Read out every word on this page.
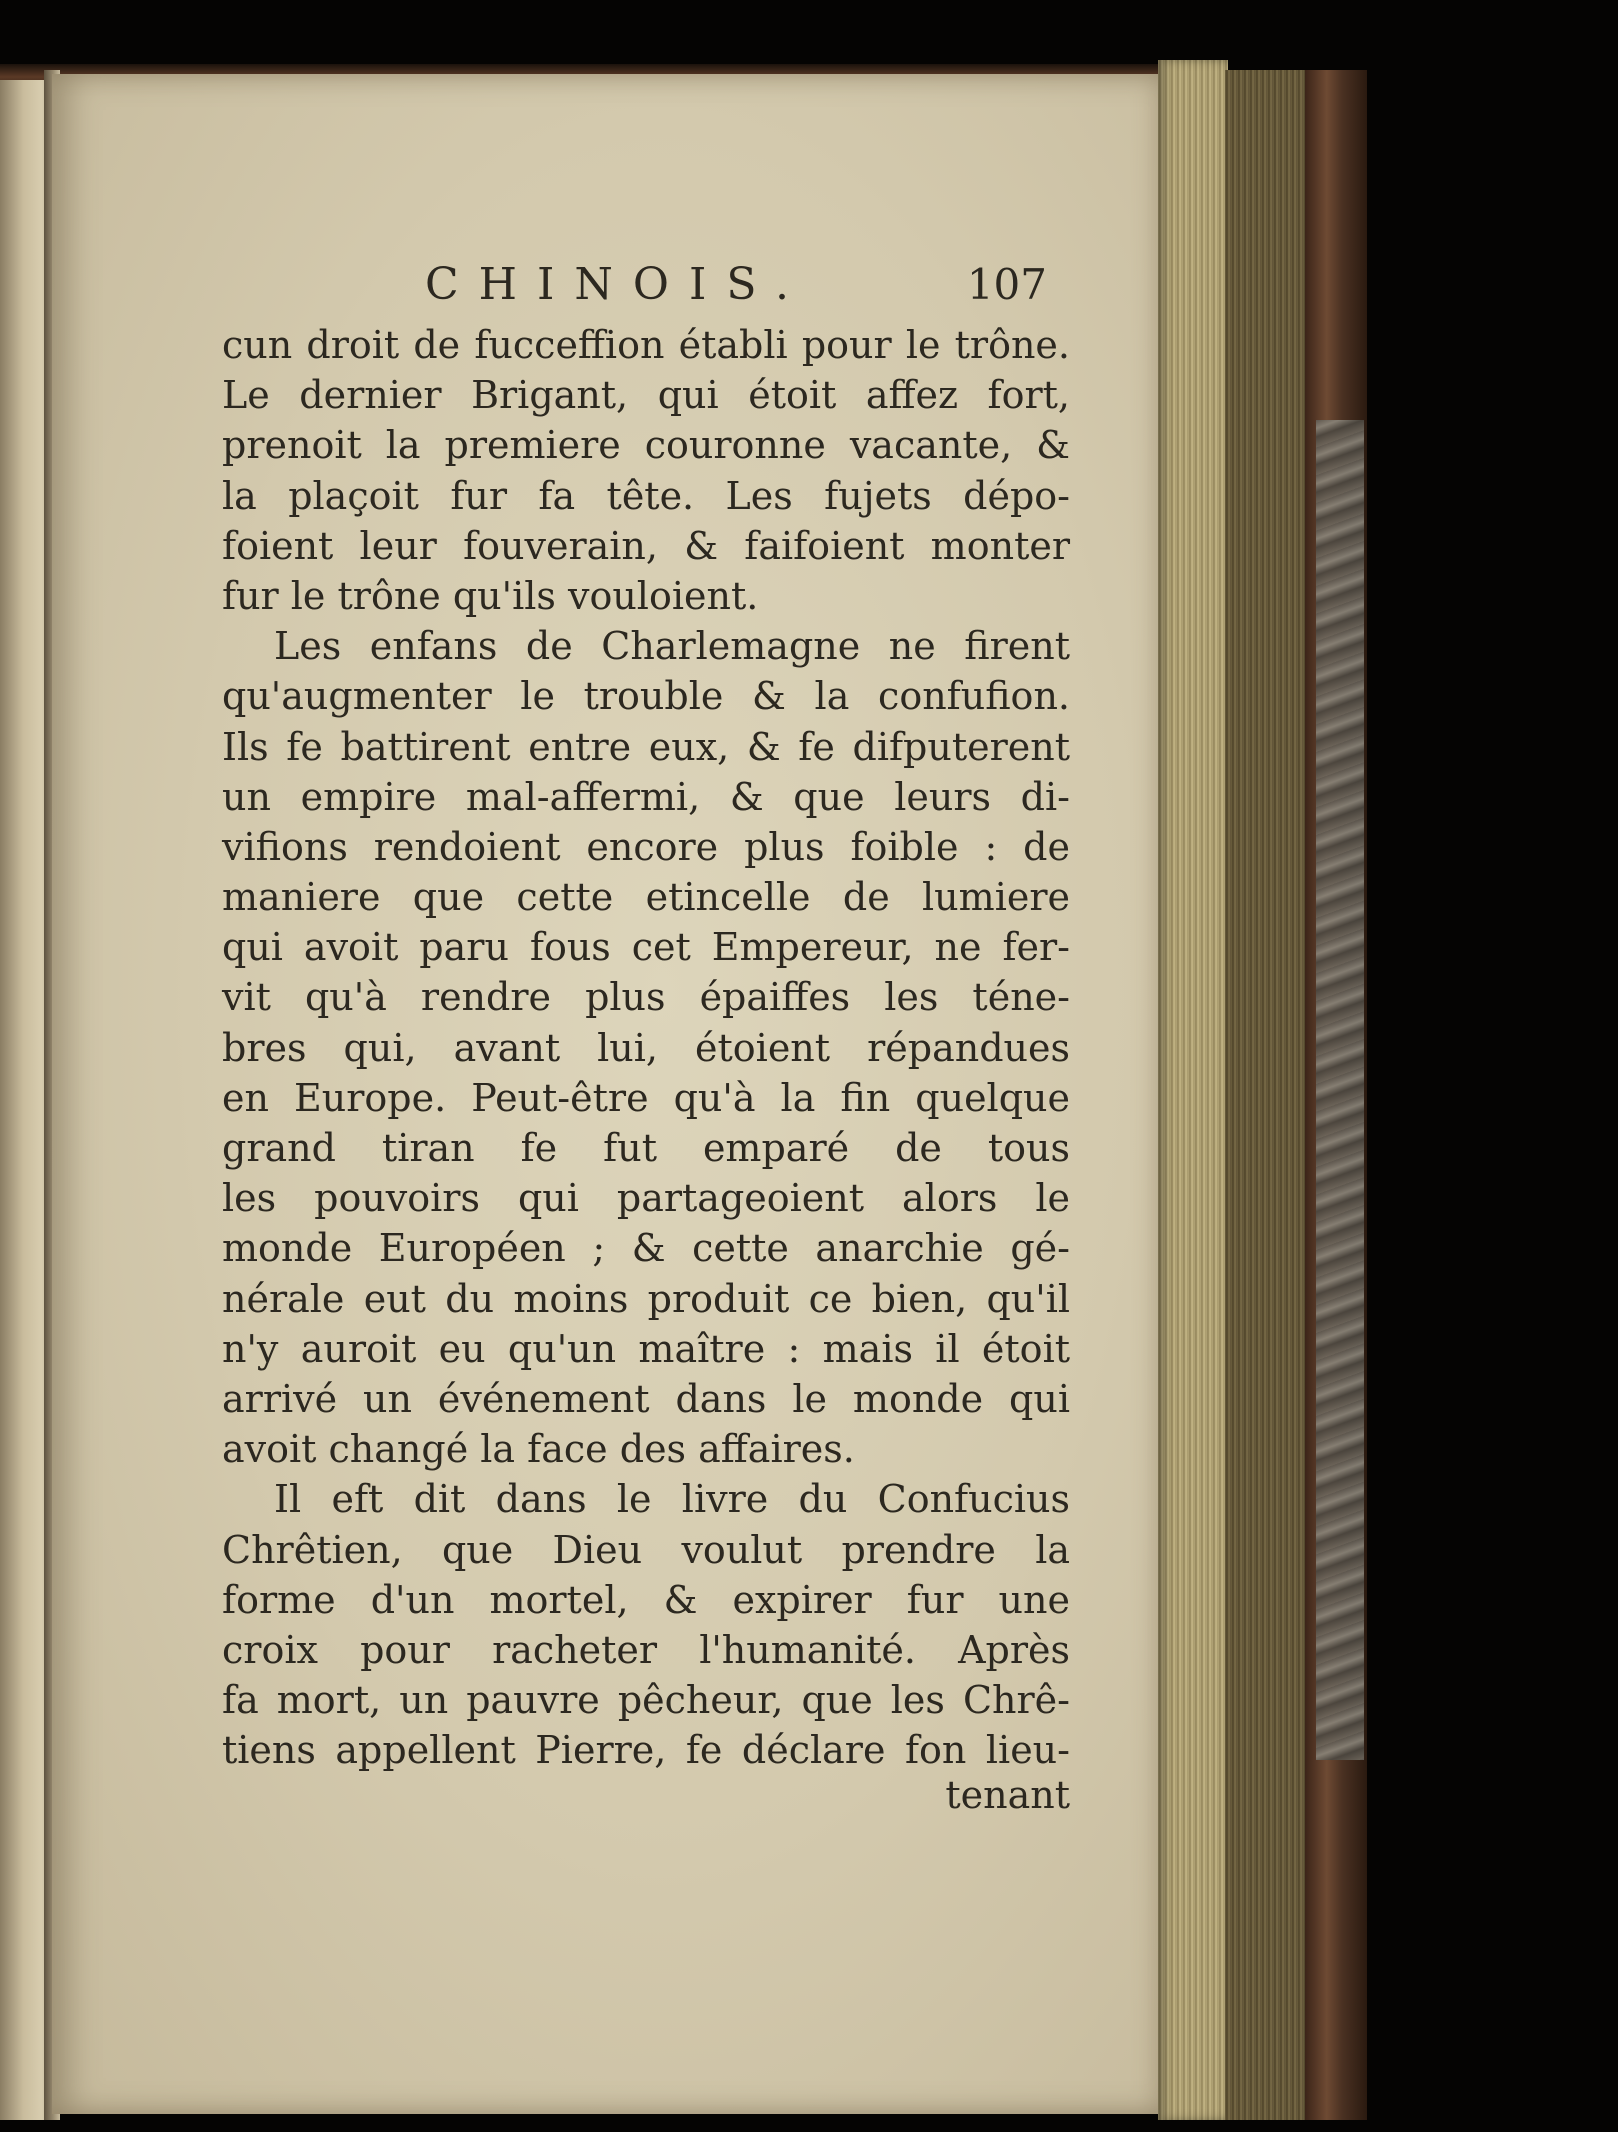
CHINOIS.	107
cun droit de fucceffion établi pour le trône.
Le dernier Brigant, qui étoit affez fort,
prenoit la premiere couronne vacante, &
la plaçoit fur fa tête. Les fujets dépo-
foient leur fouverain, & faifoient monter
fur le trône qu'ils vouloient.
Les enfans de Charlemagne ne firent
qu'augmenter le trouble & la confufion.
Ils fe battirent entre eux, & fe difputerent
un empire mal-affermi, & que leurs di-
vifions rendoient encore plus foible : de
maniere que cette etincelle de lumiere
qui avoit paru fous cet Empereur, ne fer-
vit qu'à rendre plus épaiffes les téne-
bres qui, avant lui, étoient répandues
en Europe. Peut-être qu'à la fin quelque
grand tiran fe fut emparé de tous
les pouvoirs qui partageoient alors le
monde Européen ; & cette anarchie gé-
nérale eut du moins produit ce bien, qu'il
n'y auroit eu qu'un maître : mais il étoit
arrivé un événement dans le monde qui
avoit changé la face des affaires.
Il eft dit dans le livre du Confucius
Chrêtien, que Dieu voulut prendre la
forme d'un mortel, & expirer fur une
croix pour racheter l'humanité. Après
fa mort, un pauvre pêcheur, que les Chrê-
tiens appellent Pierre, fe déclare fon lieu-
tenant
